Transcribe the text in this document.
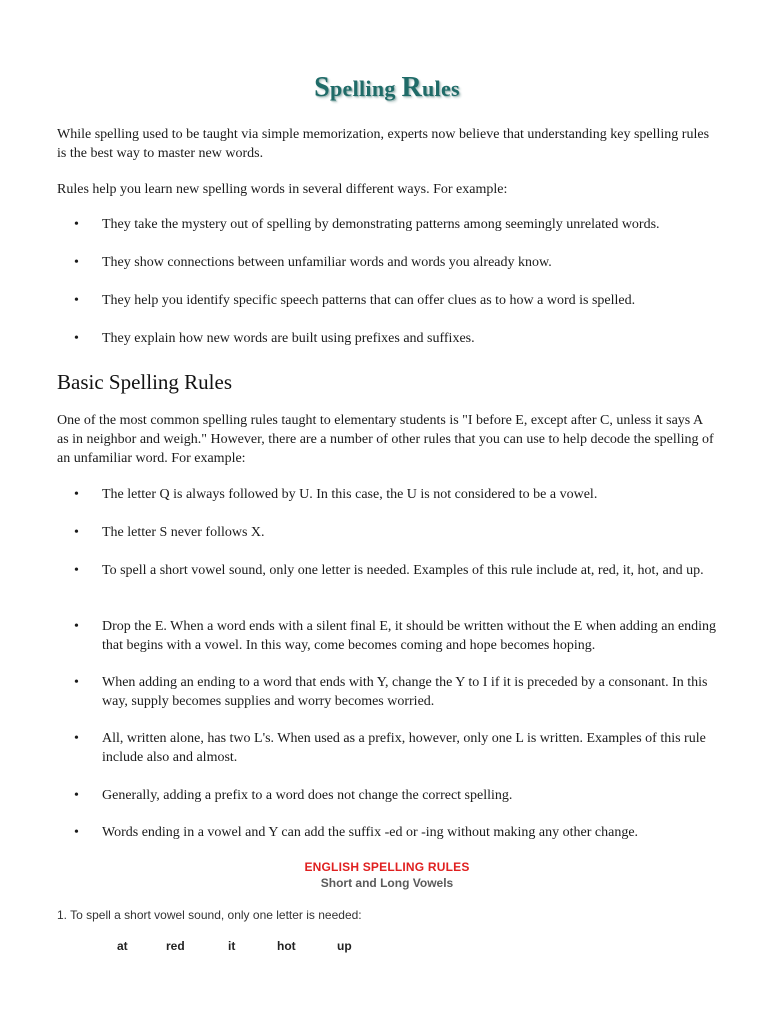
Spelling Rules

While spelling used to be taught via simple memorization, experts now believe that understanding key spelling rules is the best way to master new words.

Rules help you learn new spelling words in several different ways. For example:

• They take the mystery out of spelling by demonstrating patterns among seemingly unrelated words.
• They show connections between unfamiliar words and words you already know.
• They help you identify specific speech patterns that can offer clues as to how a word is spelled.
• They explain how new words are built using prefixes and suffixes.
Basic Spelling Rules

One of the most common spelling rules taught to elementary students is "I before E, except after C, unless it says A as in neighbor and weigh." However, there are a number of other rules that you can use to help decode the spelling of an unfamiliar word. For example:

• The letter Q is always followed by U. In this case, the U is not considered to be a vowel.
• The letter S never follows X.
• To spell a short vowel sound, only one letter is needed. Examples of this rule include at, red, it, hot, and up.
• Drop the E. When a word ends with a silent final E, it should be written without the E when adding an ending that begins with a vowel. In this way, come becomes coming and hope becomes hoping.
• When adding an ending to a word that ends with Y, change the Y to I if it is preceded by a consonant. In this way, supply becomes supplies and worry becomes worried.
• All, written alone, has two L's. When used as a prefix, however, only one L is written. Examples of this rule include also and almost.
• Generally, adding a prefix to a word does not change the correct spelling.
• Words ending in a vowel and Y can add the suffix -ed or -ing without making any other change.
ENGLISH SPELLING RULES
Short and Long Vowels
1. To spell a short vowel sound, only one letter is needed:
at	red	it	hot	up
